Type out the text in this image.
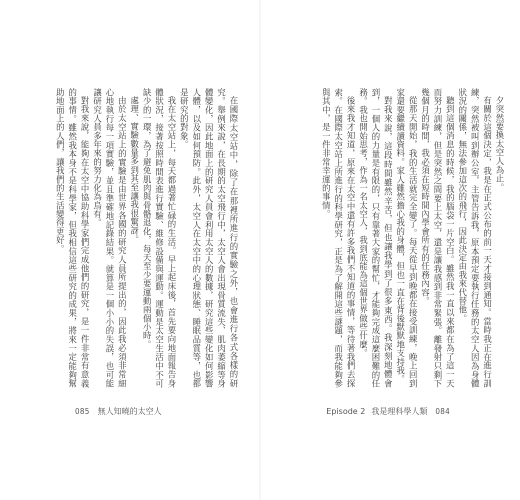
在國際太空站中，除了在那裡所進行的實驗之外，也會進行各式各樣的研究。舉例來說，在長期的太空飛行中，太空人會出現骨質流失、肌肉萎縮等身體變化，因此地面上的研究人員會利用太空人的數據，研究這些變化如何影響人體，以及如何預防。此外，太空人在太空中的心理狀態、睡眠品質等，也都是研究的對象。

我在太空站上，每天都過著忙碌的生活。早上起床後，首先要向地面報告身體狀況，接著按照時間表進行實驗、維修設備與運動。運動是太空生活中不可缺少的一環，為了避免肌肉與骨骼退化，每天至少要運動兩個小時。

處理、實驗數量多到其至讓我很驚訝。

由於太空站上的實驗是由世界各國的研究人員所提出的，因此我必須非常細心地執行每一項實驗，並且準確地記錄結果。就算是一個小小的失誤，也可能讓研究人員多年來的努力化為烏有。

對我來說，能夠在太空中協助科學家們完成他們的研究，是一件非常有意義的事情。雖然我本身不是科學家，但我相信這些研究的成果，將來一定能夠幫助地面上的人們，讓我們的生活變得更好。

085 無人知曉的太空人

夕突然要換太空人為止。

有關於這個決定，我是在正式公布的前一天才接到通知。當時我正在進行訓練，突然被叫到辦公室，主管告訴我，原本預定要執行任務的太空人因為身體狀況的關係，無法參加這次的飛行，因此決定由我來代替他。

聽到這個消息的時候，我的腦袋一片空白。雖然我一直以來都在為了這一天而努力訓練，但是突然之間要上太空，還是讓我感到非常緊張。離發射只剩下幾個月的時間，我必須在短時間內學會所有的任務內容。

從那天開始，我的生活就完全變了。每天從早到晚都在接受訓練，晚上回到家還要繼續讀資料。家人雖然擔心我的身體，但也一直在背後默默地支持我。

對我來說，這段時間雖然辛苦，但也讓我學到了很多東西。我深刻地體會到，一個人的力量是有限的，只有靠著大家的幫忙，才能夠完成這麼困難的任務。我也開始思考，作為一名太空人，我到底能為這個世界做些什麼。

後來我才知道，原來在太空中還有許多我們不知道的事情，等待著我們去探索。在國際太空站上所進行的科學研究，正是為了解開這些謎題，而我能夠參與其中，是一件非常幸運的事情。

Episode 2 我是理科學人類 084
